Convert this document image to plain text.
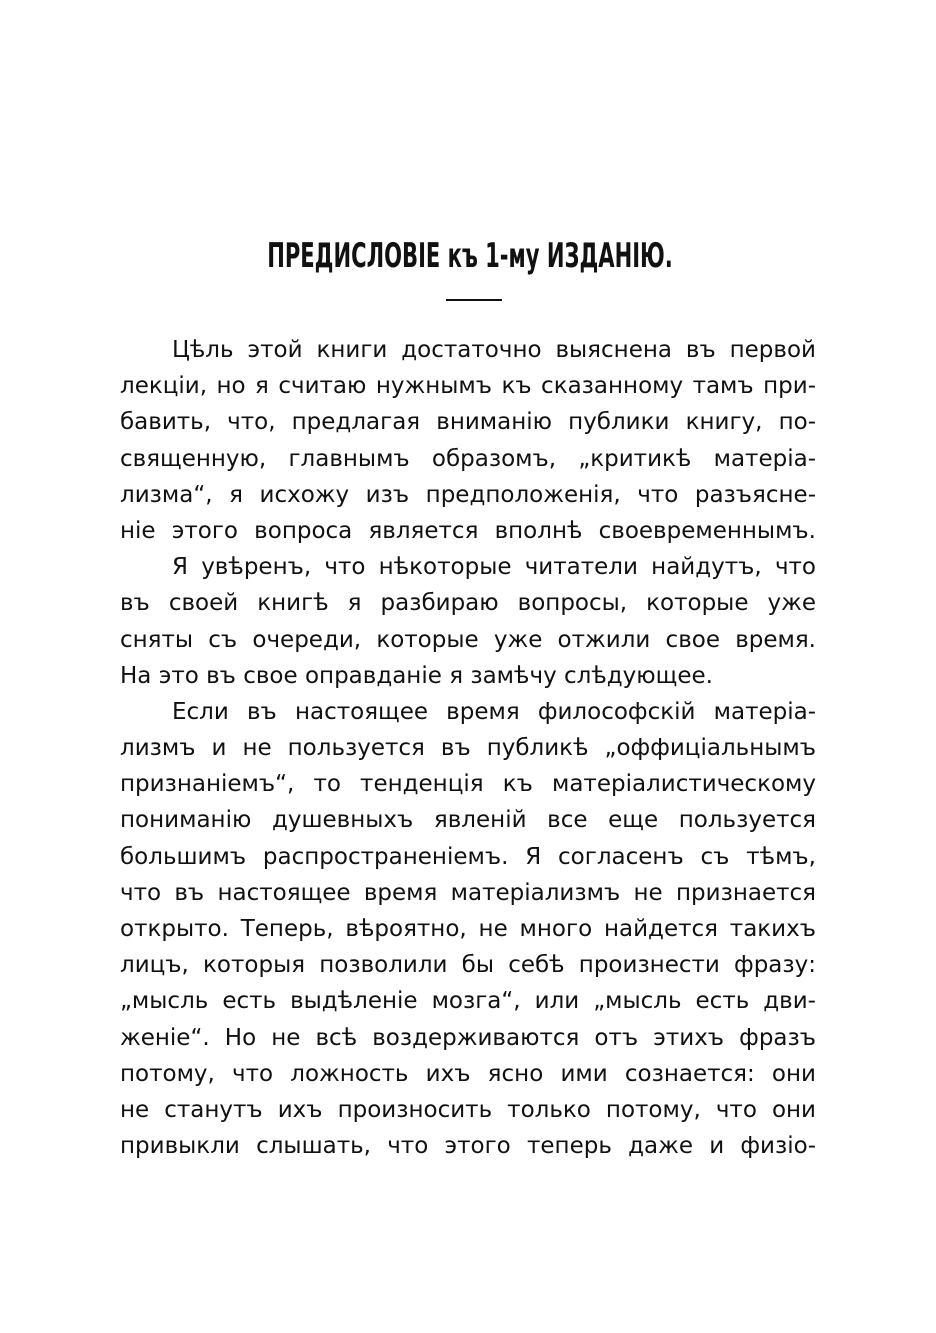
ПРЕДИСЛОВІЕ къ 1-му ИЗДАНІЮ.
Цѣль этой книги достаточно выяснена въ первой
лекціи, но я считаю нужнымъ къ сказанному тамъ при-
бавить, что, предлагая вниманію публики книгу, по-
священную, главнымъ образомъ, „критикѣ матеріа-
лизма“, я исхожу изъ предположенія, что разъясне-
ніе этого вопроса является вполнѣ своевременнымъ.
Я увѣренъ, что нѣкоторые читатели найдутъ, что
въ своей книгѣ я разбираю вопросы, которые уже
сняты съ очереди, которые уже отжили свое время.
На это въ свое оправданіе я замѣчу слѣдующее.
Если въ настоящее время философскій матеріа-
лизмъ и не пользуется въ публикѣ „оффиціальнымъ
признаніемъ“, то тенденція къ матеріалистическому
пониманію душевныхъ явленій все еще пользуется
большимъ распространеніемъ. Я согласенъ съ тѣмъ,
что въ настоящее время матеріализмъ не признается
открыто. Теперь, вѣроятно, не много найдется такихъ
лицъ, которыя позволили бы себѣ произнести фразу:
„мысль есть выдѣленіе мозга“, или „мысль есть дви-
женіе“. Но не всѣ воздерживаются отъ этихъ фразъ
потому, что ложность ихъ ясно ими сознается: они
не станутъ ихъ произносить только потому, что они
привыкли слышать, что этого теперь даже и физіо-
